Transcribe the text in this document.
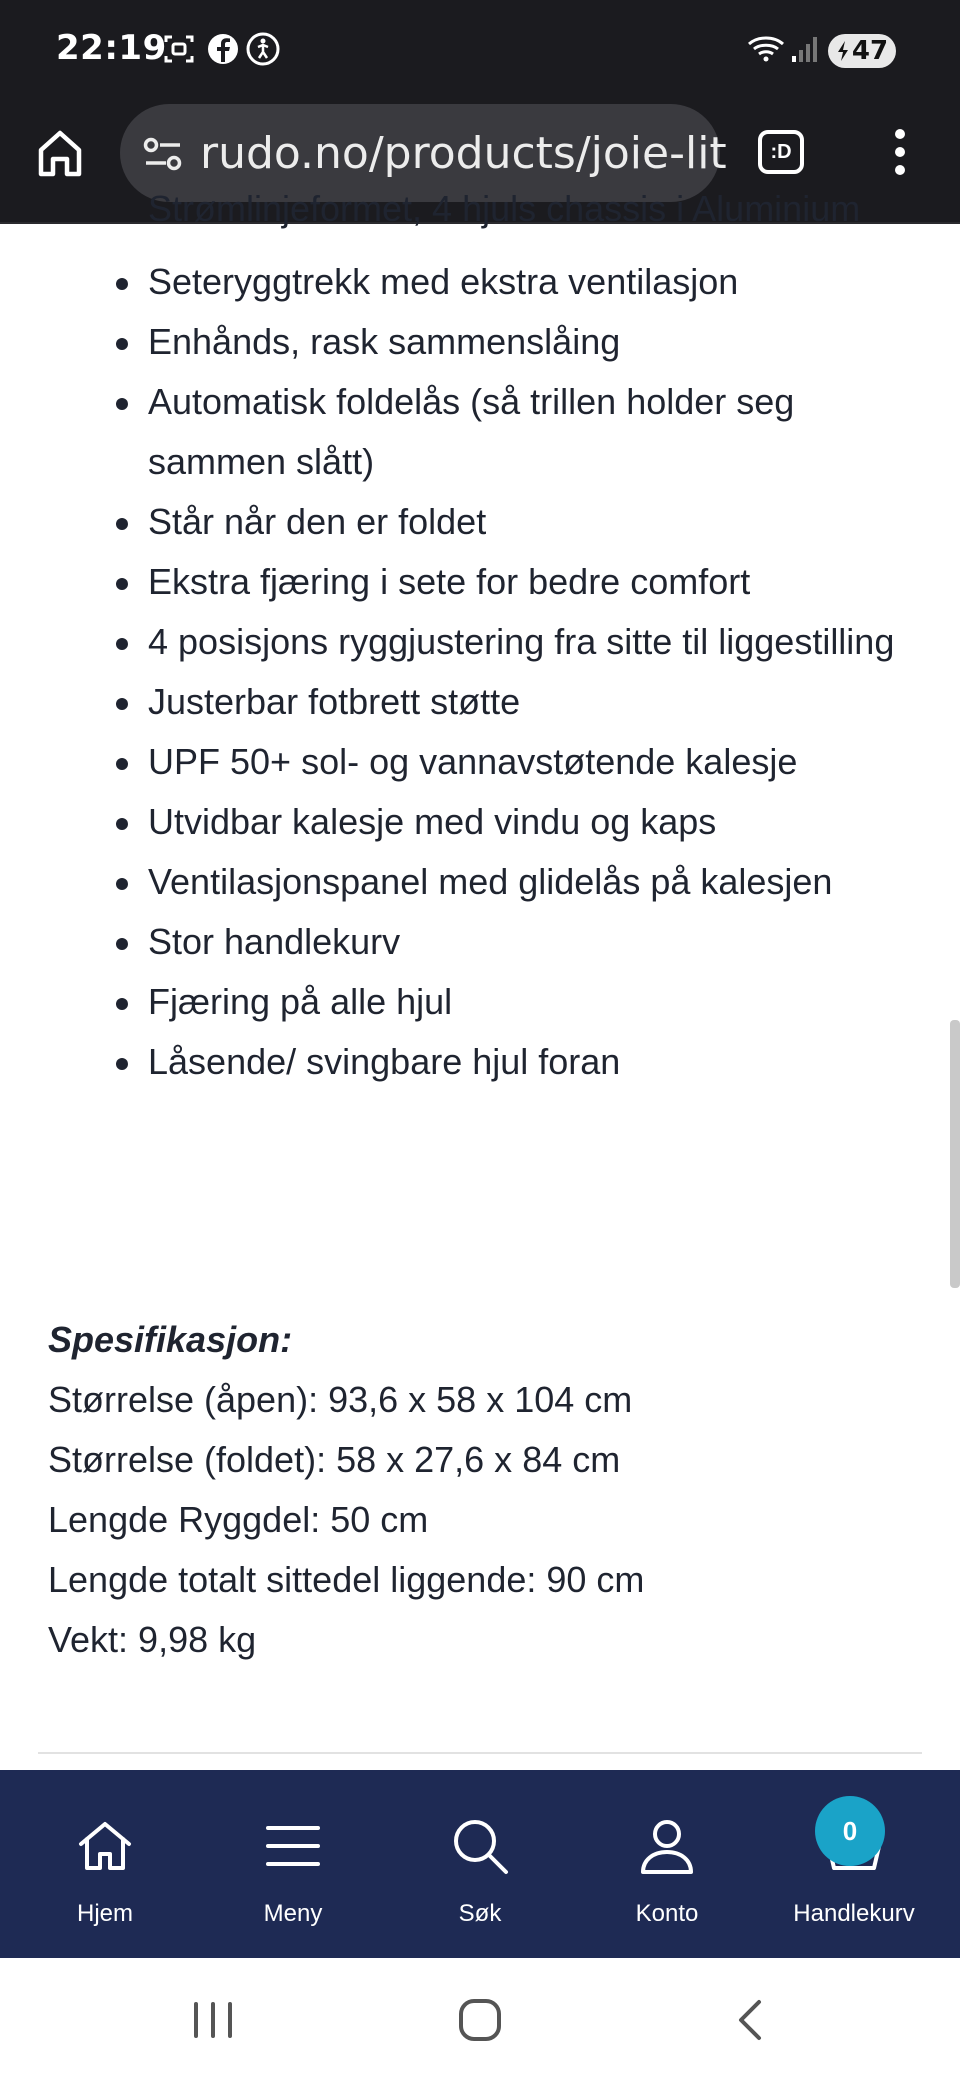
22:19	47
rudo.no/products/joie-lit :D
Strømlinjeformet, 4 hjuls chassis i Aluminium
Seteryggtrekk med ekstra ventilasjon
Enhånds, rask sammenslåing
Automatisk foldelås (så trillen holder seg sammen slått)
Står når den er foldet
Ekstra fjæring i sete for bedre comfort
4 posisjons ryggjustering fra sitte til liggestilling
Justerbar fotbrett støtte
UPF 50+ sol- og vannavstøtende kalesje
Utvidbar kalesje med vindu og kaps
Ventilasjonspanel med glidelås på kalesjen
Stor handlekurv
Fjæring på alle hjul
Låsende/ svingbare hjul foran
Spesifikasjon:
Størrelse (åpen): 93,6 x 58 x 104 cm
Størrelse (foldet): 58 x 27,6 x 84 cm
Lengde Ryggdel: 50 cm
Lengde totalt sittedel liggende: 90 cm
Vekt: 9,98 kg
Hjem	Meny	Søk	Konto	Handlekurv
0
